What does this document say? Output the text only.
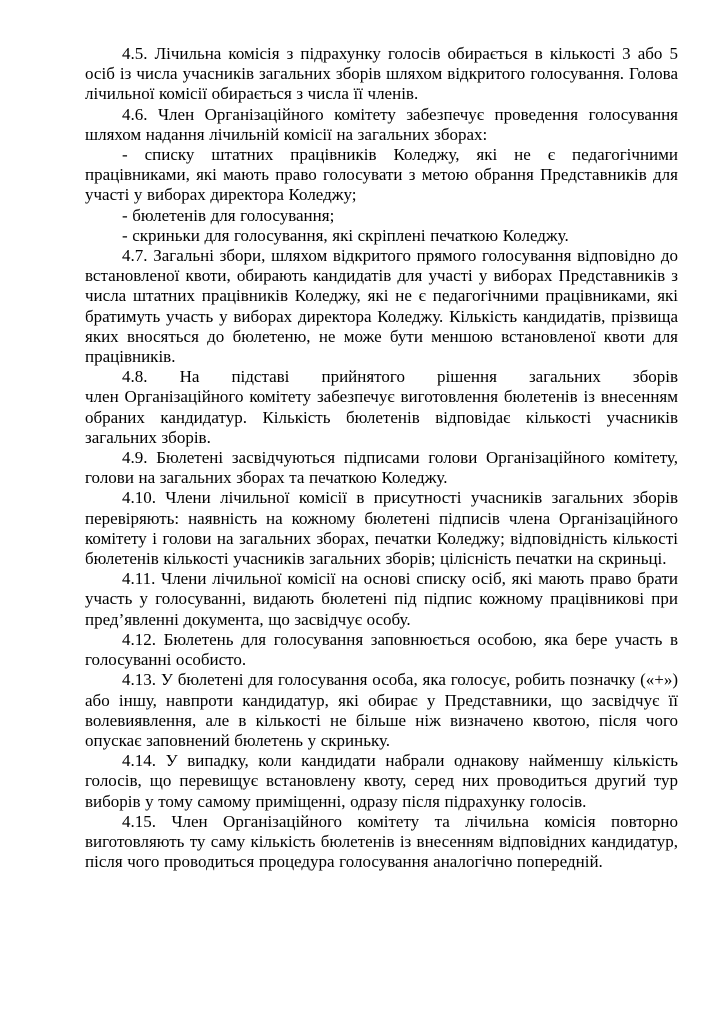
4.5. Лічильна комісія з підрахунку голосів обирається в кількості 3 або 5 осіб із числа учасників загальних зборів шляхом відкритого голосування. Голова лічильної комісії обирається з числа її членів.

4.6. Член Організаційного комітету забезпечує проведення голосування шляхом надання лічильній комісії на загальних зборах:

- списку штатних працівників Коледжу, які не є педагогічними працівниками, які мають право голосувати з метою обрання Представників для участі у виборах директора Коледжу;

- бюлетенів для голосування;

- скриньки для голосування, які скріплені печаткою Коледжу.

4.7. Загальні збори, шляхом відкритого прямого голосування відповідно до встановленої квоти, обирають кандидатів для участі у виборах Представників з числа штатних працівників Коледжу, які не є педагогічними працівниками, які братимуть участь у виборах директора Коледжу. Кількість кандидатів, прізвища яких вносяться до бюлетеню, не може бути меншою встановленої квоти для працівників.

4.8. На підставі прийнятого рішення загальних зборів
член Організаційного комітету забезпечує виготовлення бюлетенів із внесенням обраних кандидатур. Кількість бюлетенів відповідає кількості учасників загальних зборів.

4.9. Бюлетені засвідчуються підписами голови Організаційного комітету, голови на загальних зборах та печаткою Коледжу.

4.10. Члени лічильної комісії в присутності учасників загальних зборів перевіряють: наявність на кожному бюлетені підписів члена Організаційного комітету і голови на загальних зборах, печатки Коледжу; відповідність кількості бюлетенів кількості учасників загальних зборів; цілісність печатки на скриньці.

4.11. Члени лічильної комісії на основі списку осіб, які мають право брати участь у голосуванні, видають бюлетені під підпис кожному працівникові при пред’явленні документа, що засвідчує особу.

4.12. Бюлетень для голосування заповнюється особою, яка бере участь в голосуванні особисто.

4.13. У бюлетені для голосування особа, яка голосує, робить позначку («+») або іншу, навпроти кандидатур, які обирає у Представники, що засвідчує її волевиявлення, але в кількості не більше ніж визначено квотою, після чого опускає заповнений бюлетень у скриньку.

4.14. У випадку, коли кандидати набрали однакову найменшу кількість голосів, що перевищує встановлену квоту, серед них проводиться другий тур виборів у тому самому приміщенні, одразу після підрахунку голосів.

4.15. Член Організаційного комітету та лічильна комісія повторно виготовляють ту саму кількість бюлетенів із внесенням відповідних кандидатур, після чого проводиться процедура голосування аналогічно попередній.
